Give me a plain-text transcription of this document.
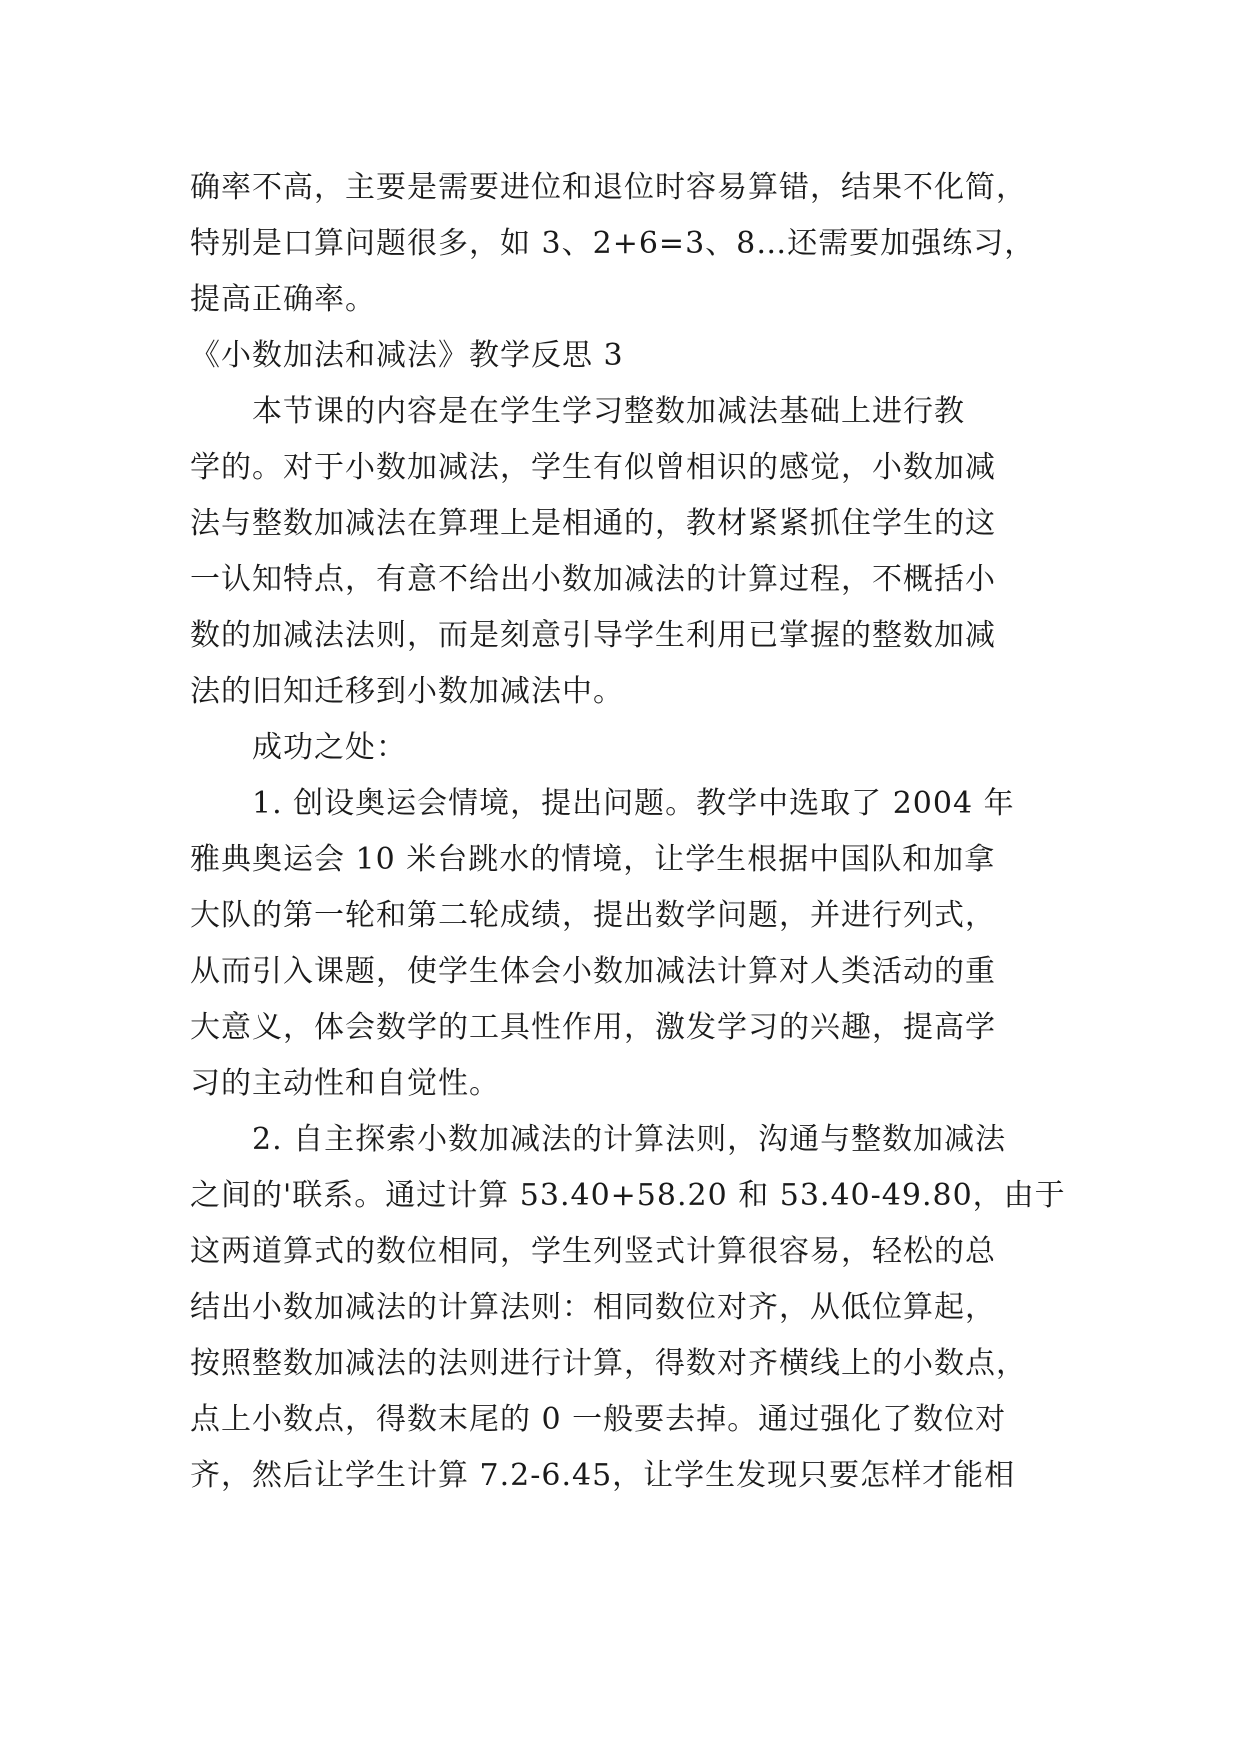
确率不高，主要是需要进位和退位时容易算错，结果不化简，
特别是口算问题很多，如 3、2+6=3、8…还需要加强练习，
提高正确率。
《小数加法和减法》教学反思 3
本节课的内容是在学生学习整数加减法基础上进行教
学的。对于小数加减法，学生有似曾相识的感觉，小数加减
法与整数加减法在算理上是相通的，教材紧紧抓住学生的这
一认知特点，有意不给出小数加减法的计算过程，不概括小
数的加减法法则，而是刻意引导学生利用已掌握的整数加减
法的旧知迁移到小数加减法中。
成功之处：
1. 创设奥运会情境，提出问题。教学中选取了 2004 年
雅典奥运会 10 米台跳水的情境，让学生根据中国队和加拿
大队的第一轮和第二轮成绩，提出数学问题，并进行列式，
从而引入课题，使学生体会小数加减法计算对人类活动的重
大意义，体会数学的工具性作用，激发学习的兴趣，提高学
习的主动性和自觉性。
2. 自主探索小数加减法的计算法则，沟通与整数加减法
之间的'联系。通过计算 53.40+58.20 和 53.40-49.80，由于
这两道算式的数位相同，学生列竖式计算很容易，轻松的总
结出小数加减法的计算法则：相同数位对齐，从低位算起，
按照整数加减法的法则进行计算，得数对齐横线上的小数点，
点上小数点，得数末尾的 0 一般要去掉。通过强化了数位对
齐，然后让学生计算 7.2-6.45，让学生发现只要怎样才能相
